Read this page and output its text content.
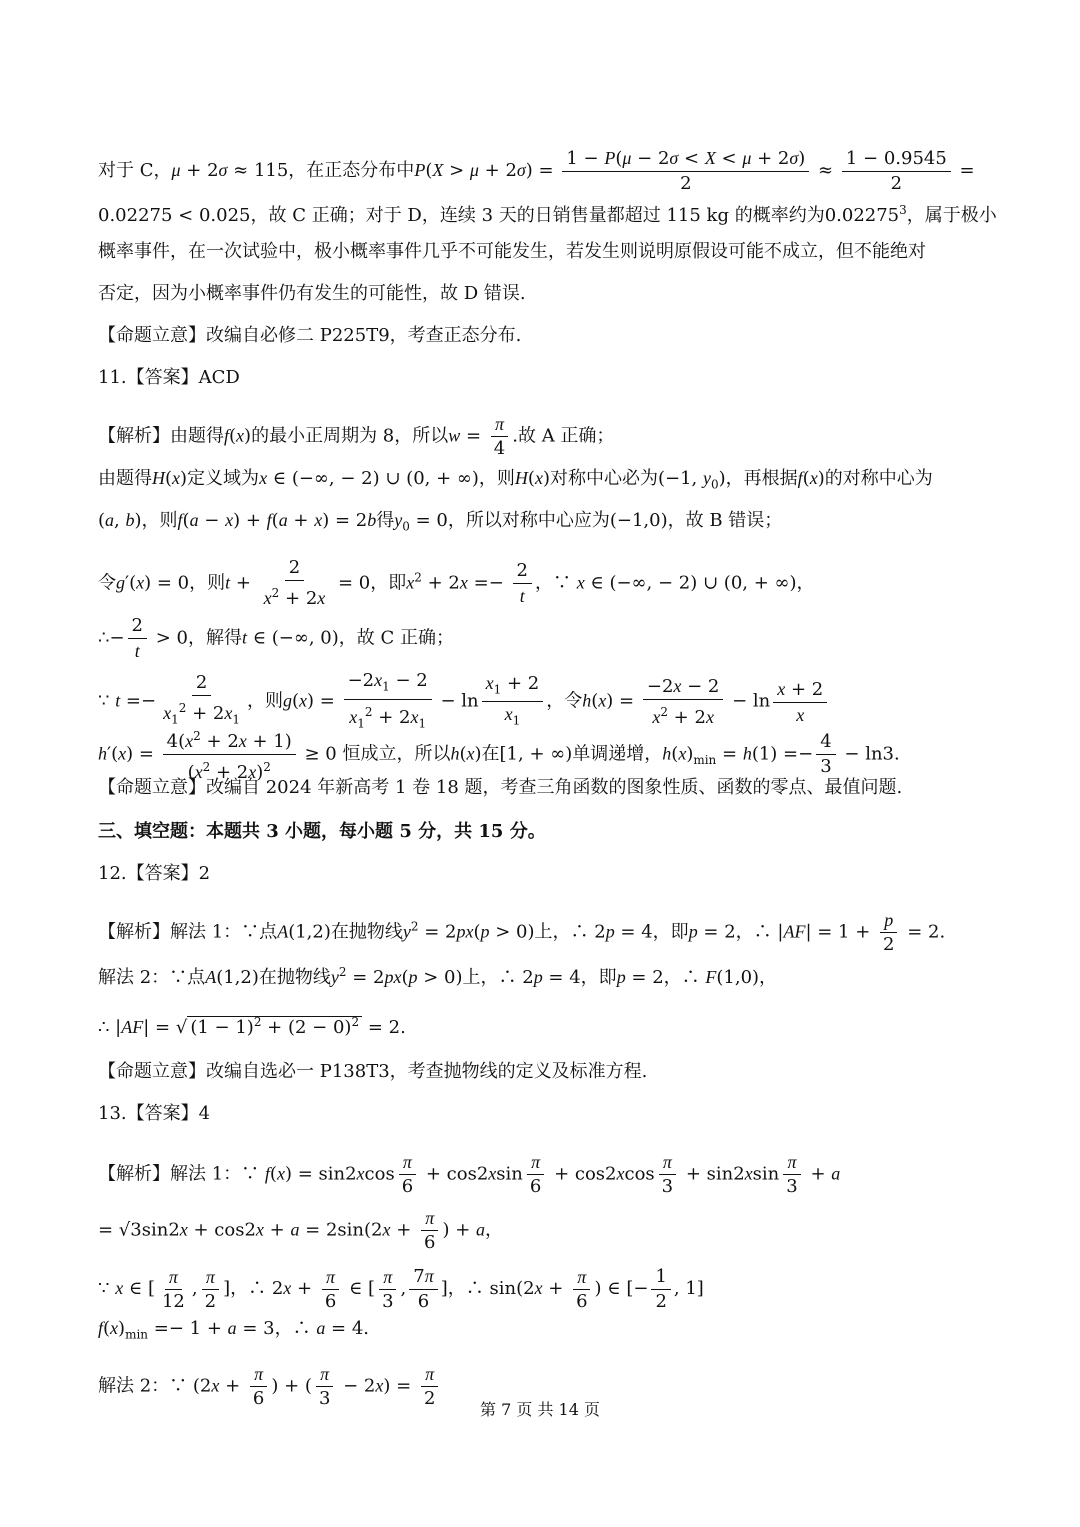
对于 C，μ + 2σ ≈ 115，在正态分布中$P(X > \mu + 2\sigma) = \frac{1 - P(\mu - 2\sigma < X < \mu + 2\sigma)}{2} \approx \frac{1 - 0.9545}{2}$ =
0.02275 < 0.025，故 C 正确；对于 D，连续 3 天的日销售量都超过 115 kg 的概率约为0.02275$^3$，属于极小
概率事件，在一次试验中，极小概率事件几乎不可能发生，若发生则说明原假设可能不成立，但不能绝对
否定，因为小概率事件仍有发生的可能性，故 D 错误.
【命题立意】改编自必修二 P225T9，考查正态分布.
11.【答案】ACD
【解析】由题得f(x)的最小正周期为 8，所以$w = \frac{\pi}{4}$ .故 A 正确；
由题得H(x)定义域为x ∈ (−∞, − 2) ∪ (0, + ∞)，则H(x)对称中心必为(−1, $y_0$)，再根据f(x)的对称中心为
(a, b)，则f(a − x) + f(a + x) = 2b得$y_0 = 0$，所以对称中心应为(−1,0)，故 B 错误；
令g′(x) = 0，则$t + \frac{2}{x^2 + 2x} = 0$，即$x^2 + 2x =- \frac{2}{t}$ ，∵ x ∈ (−∞, − 2) ∪ (0, + ∞)，
∴− $\frac{2}{t} > 0$，解得t ∈ (−∞, 0)，故 C 正确；
∵ $t =- \frac{2}{x_1^2 + 2x_1}$ ，则$g(x) = \frac{-2x_1 - 2}{x_1^2 + 2x_1} - \ln \frac{x_1 + 2}{x_1}$ ，令$h(x) = \frac{-2x - 2}{x^2 + 2x} - \ln \frac{x + 2}{x}$
$h'(x) = \frac{4(x^2 + 2x + 1)}{(x^2 + 2x)^2} \ge 0$ 恒成立，所以h(x)在[1, + ∞)单调递增，$h(x)_{min} = h(1) =- \frac{4}{3} - \ln 3$.
【命题立意】改编自 2024 年新高考 1 卷 18 题，考查三角函数的图象性质、函数的零点、最值问题.
三、填空题：本题共 3 小题，每小题 5 分，共 15 分。
12.【答案】2
【解析】解法 1：∵点A(1,2)在抛物线$y^2 = 2px(p > 0)$上，∴ 2p = 4，即p = 2，∴ $|AF| = 1 + \frac{p}{2} = 2$.
解法 2：∵点A(1,2)在抛物线$y^2 = 2px(p > 0)$上，∴ 2p = 4，即p = 2，∴ F(1,0)，
∴ |AF| = √ $(1 - 1)^2 + (2 - 0)^2 = 2$.
【命题立意】改编自选必一 P138T3，考查抛物线的定义及标准方程.
13.【答案】4
【解析】解法 1：∵ $f(x) = \sin 2xcos \frac{\pi}{6} + \cos 2xsin \frac{\pi}{6} + \cos 2xcos \frac{\pi}{3} + \sin 2xsin \frac{\pi}{3} + a$
= $√3\sin 2x + \cos 2x + a = 2\sin(2x + \frac{\pi}{6}$ ) + a，
∵ x ∈ [ $\frac{\pi}{12}$ , $\frac{\pi}{2}$ ]，∴ $2x + \frac{\pi}{6}$ ∈ [ $\frac{\pi}{3}$ , $\frac{7\pi}{6}$ ]，∴ $\sin(2x + \frac{\pi}{6}$ ) ∈ [− $\frac{1}{2}$ , 1]
$f(x)_{min} =- 1 + a = 3$，∴ a = 4.
解法 2：∵ ($2x + \frac{\pi}{6}$ ) + ( $\frac{\pi}{3} - 2x) = \frac{\pi}{2}$	第 7 页 共 14 页
